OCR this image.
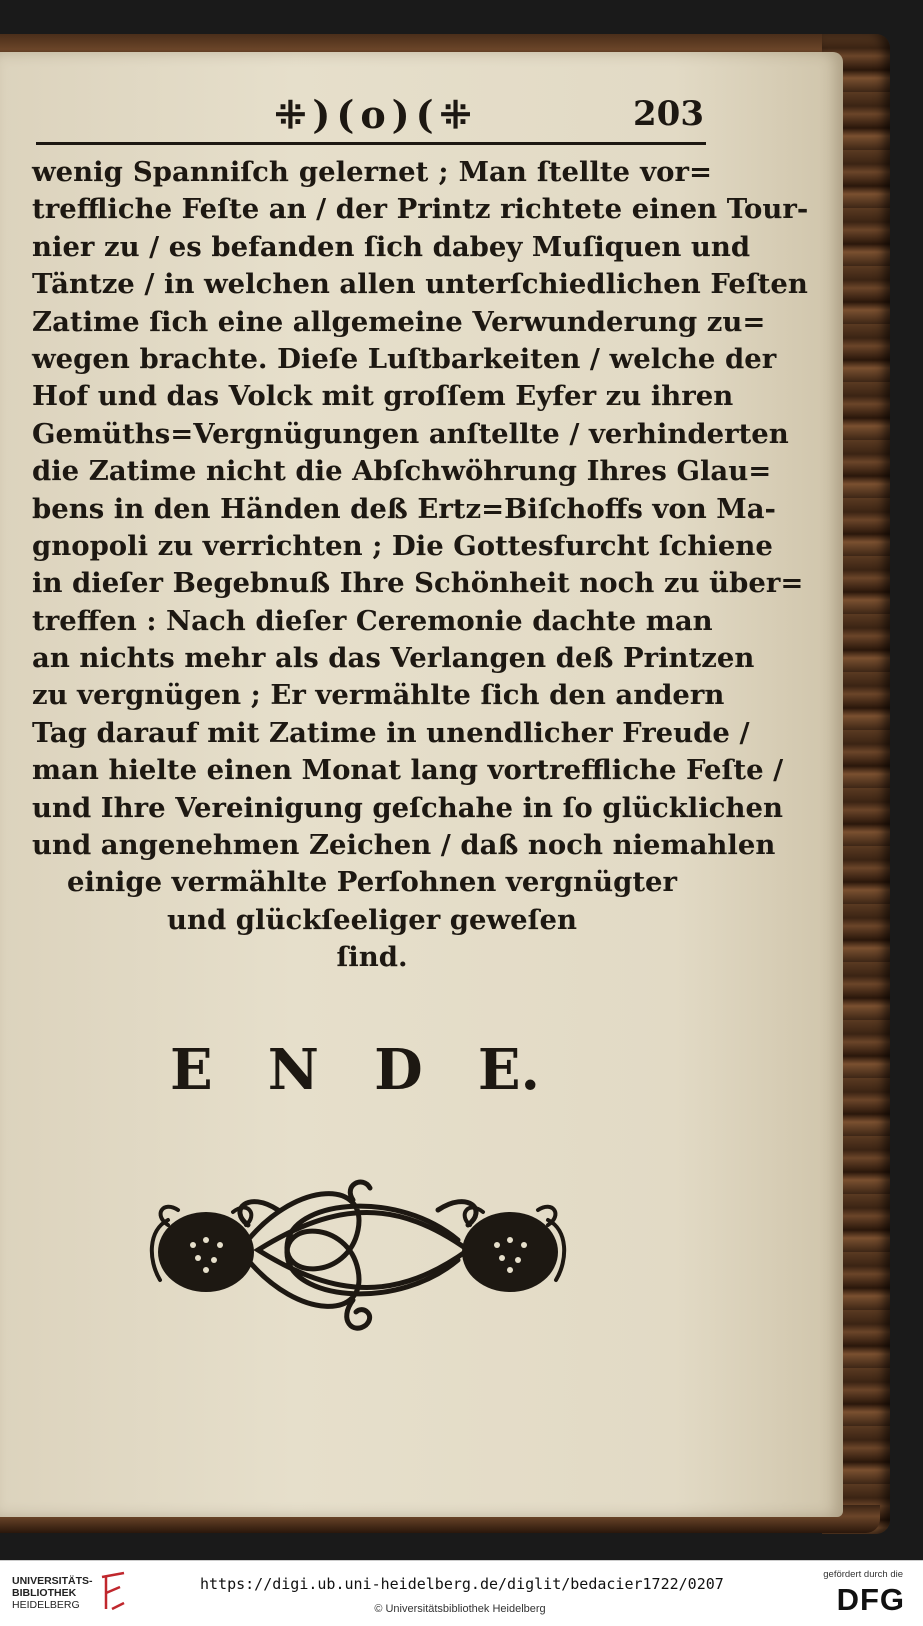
⁜)(o)(⁜	203
wenig Spanniſch gelernet ; Man ſtellte vor=
treffliche Feſte an / der Printz richtete einen Tour-
nier zu / es befanden ſich dabey Muſiquen und
Täntze / in welchen allen unterſchiedlichen Feſten
Zatime ſich eine allgemeine Verwunderung zu=
wegen brachte. Dieſe Luſtbarkeiten / welche der
Hof und das Volck mit groſſem Eyfer zu ihren
Gemüths=Vergnügungen anſtellte / verhinderten
die Zatime nicht die Abſchwöhrung Ihres Glau=
bens in den Händen deß Ertz=Biſchoffs von Ma-
gnopoli zu verrichten ; Die Gottesfurcht ſchiene
in dieſer Begebnuß Ihre Schönheit noch zu über=
treffen : Nach dieſer Ceremonie dachte man
an nichts mehr als das Verlangen deß Printzen
zu vergnügen ; Er vermählte ſich den andern
Tag darauf mit Zatime in unendlicher Freude /
man hielte einen Monat lang vortreffliche Feſte /
und Ihre Vereinigung geſchahe in ſo glücklichen
und angenehmen Zeichen / daß noch niemahlen
einige vermählte Perſohnen vergnügter
und glückſeeliger geweſen
ſind.
E N D E.
UNIVERSITÄTS-
BIBLIOTHEK
HEIDELBERG
https://digi.ub.uni-heidelberg.de/diglit/bedacier1722/0207
© Universitätsbibliothek Heidelberg
gefördert durch die
DFG
